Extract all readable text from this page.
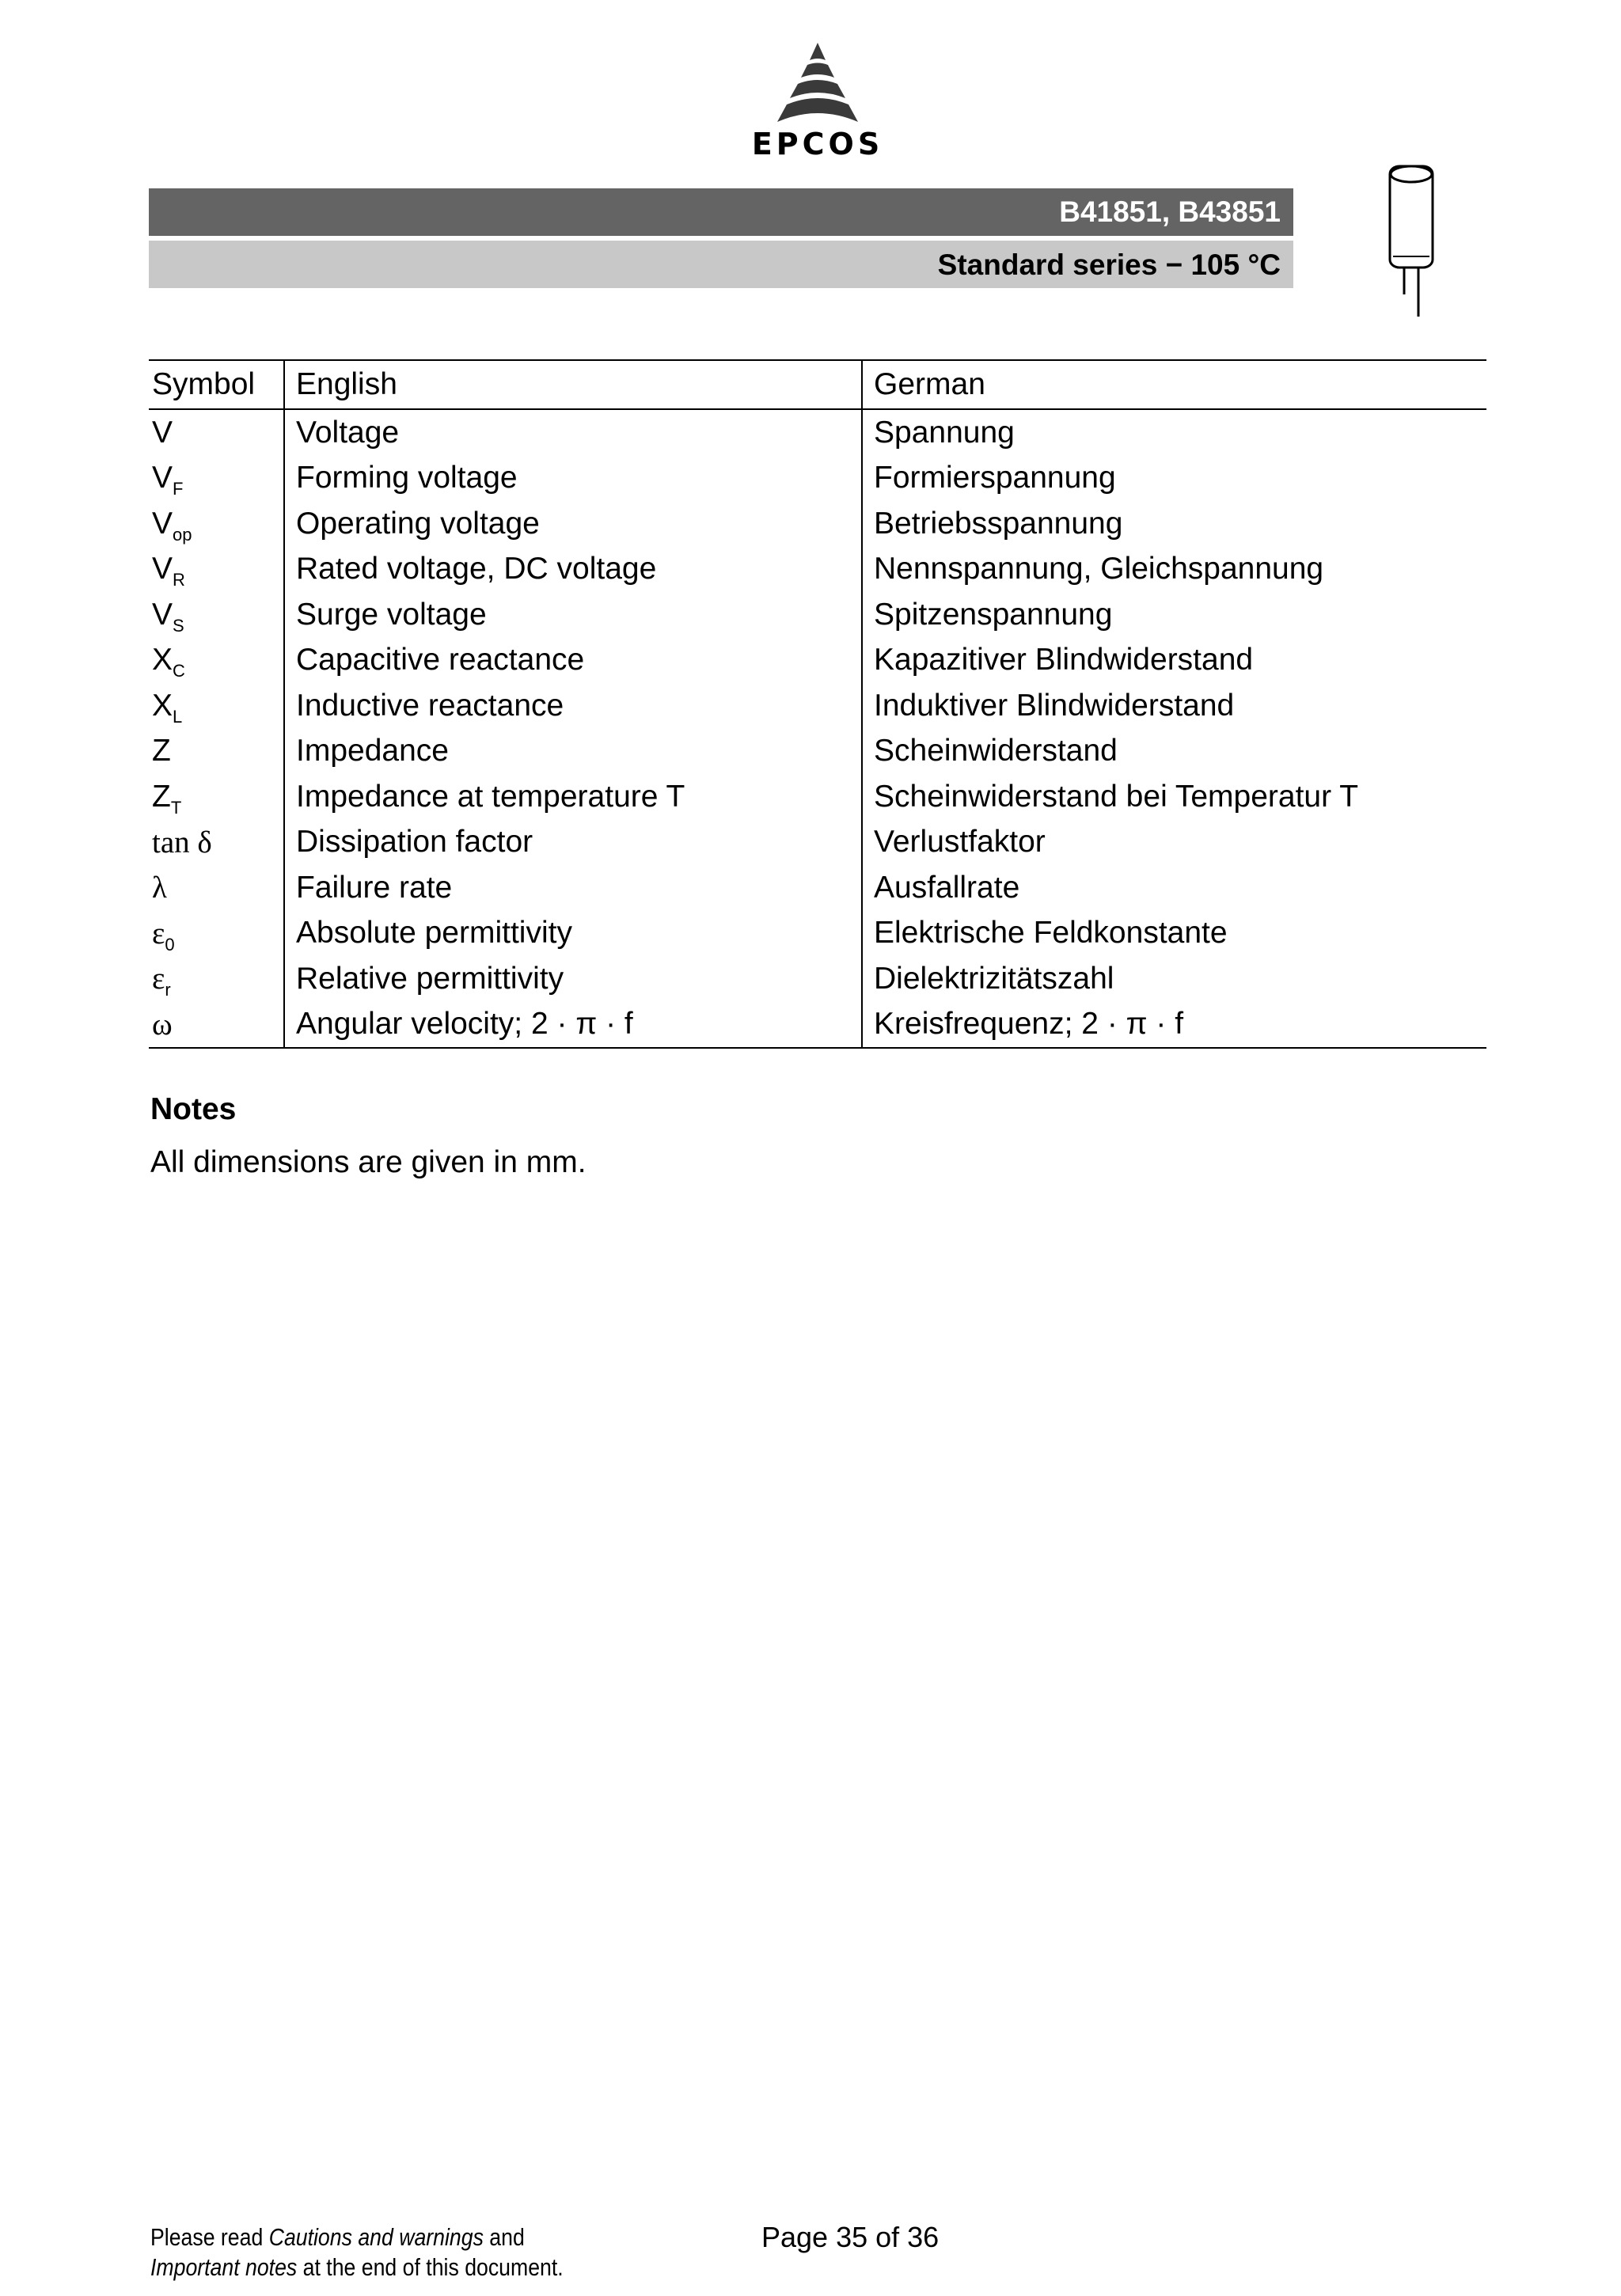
EPCOS
B41851, B43851
Standard series − 105 °C
Symbol	English	German
V	Voltage	Spannung
$V_F$	Forming voltage	Formierspannung
$V_{op}$	Operating voltage	Betriebsspannung
$V_R$	Rated voltage, DC voltage	Nennspannung, Gleichspannung
$V_S$	Surge voltage	Spitzenspannung
$X_C$	Capacitive reactance	Kapazitiver Blindwiderstand
$X_L$	Inductive reactance	Induktiver Blindwiderstand
Z	Impedance	Scheinwiderstand
$Z_T$	Impedance at temperature T	Scheinwiderstand bei Temperatur T
tan δ	Dissipation factor	Verlustfaktor
λ	Failure rate	Ausfallrate
$\varepsilon_0$	Absolute permittivity	Elektrische Feldkonstante
$\varepsilon_r$	Relative permittivity	Dielektrizitätszahl
ω	Angular velocity; 2 · π · f	Kreisfrequenz; 2 · π · f
Notes
All dimensions are given in mm.
Please read Cautions and warnings and
Important notes at the end of this document.
Page 35 of 36
